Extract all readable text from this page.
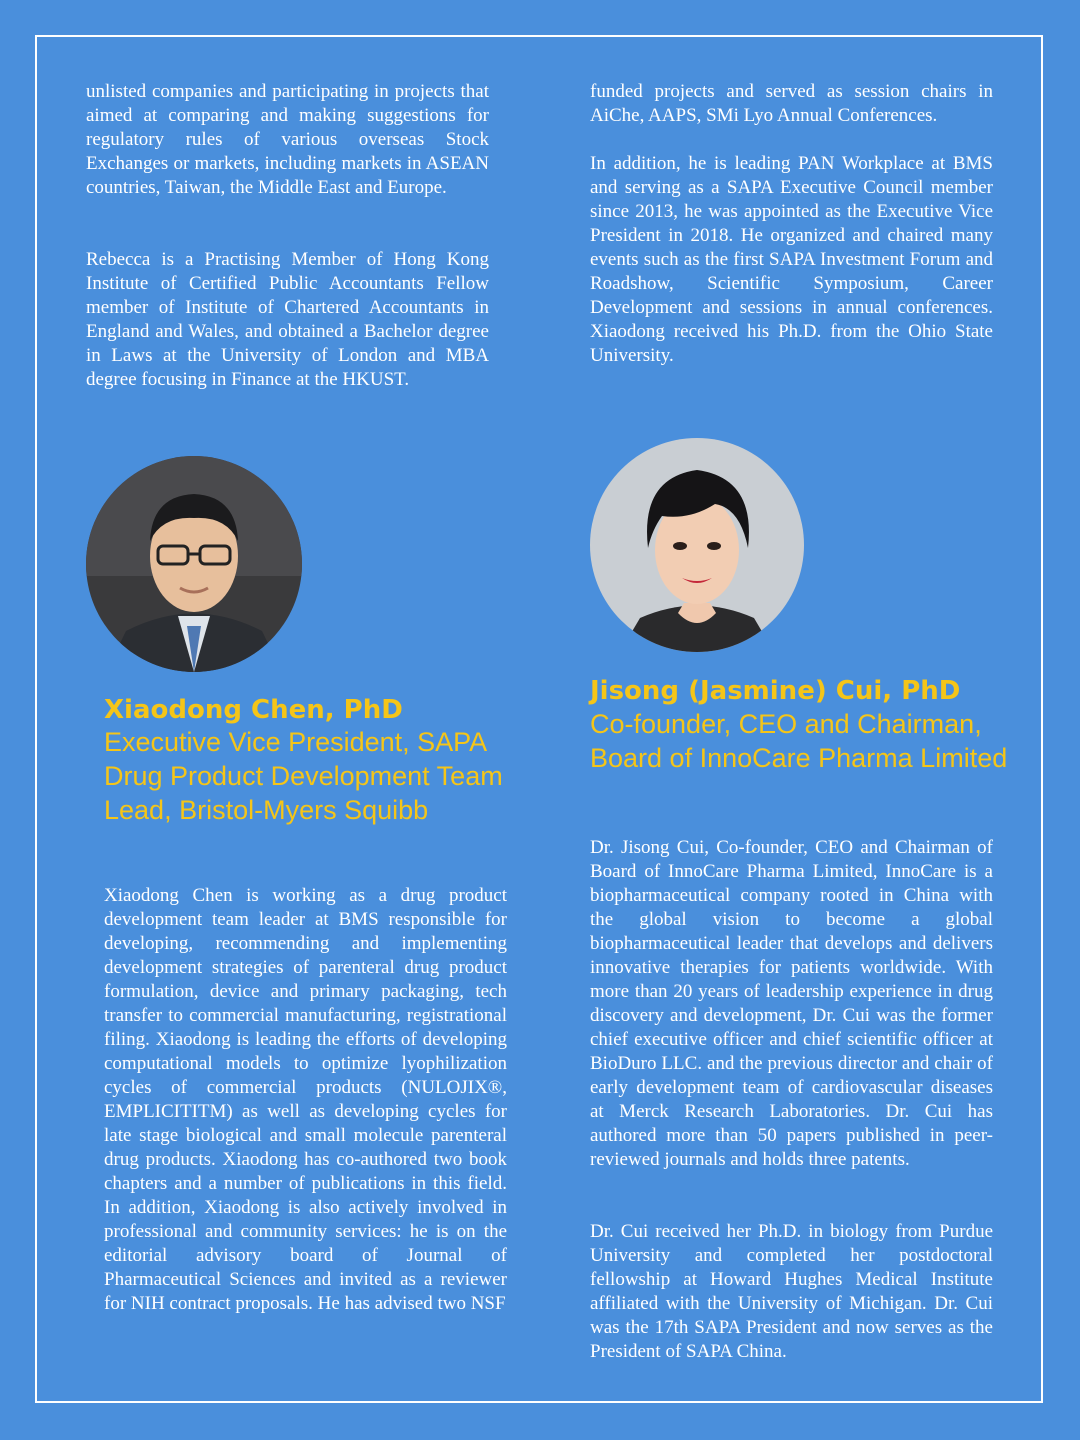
unlisted companies and participating in projects that aimed at comparing and making suggestions for regulatory rules of various overseas Stock Exchanges or markets, including markets in ASEAN countries, Taiwan, the Middle East and Europe.

Rebecca is a Practising Member of Hong Kong Institute of Certified Public Accountants Fellow member of Institute of Chartered Accountants in England and Wales, and obtained a Bachelor degree in Laws at the University of London and MBA degree focusing in Finance at the HKUST.

funded projects and served as session chairs in AiChe, AAPS, SMi Lyo Annual Conferences.

In addition, he is leading PAN Workplace at BMS and serving as a SAPA Executive Council member since 2013, he was appointed as the Executive Vice President in 2018. He organized and chaired many events such as the first SAPA Investment Forum and Roadshow, Scientific Symposium, Career Development and sessions in annual conferences. Xiaodong received his Ph.D. from the Ohio State University.

Xiaodong Chen, PhD

Executive Vice President, SAPA Drug Product Development Team Lead, Bristol-Myers Squibb

Jisong (Jasmine) Cui, PhD

Co-founder, CEO and Chairman, Board of InnoCare Pharma Limited

Xiaodong Chen is working as a drug product development team leader at BMS responsible for developing, recommending and implementing development strategies of parenteral drug product formulation, device and primary packaging, tech transfer to commercial manufacturing, registrational filing. Xiaodong is leading the efforts of developing computational models to optimize lyophilization cycles of commercial products (NULOJIX®, EMPLICITITM) as well as developing cycles for late stage biological and small molecule parenteral drug products. Xiaodong has co-authored two book chapters and a number of publications in this field. In addition, Xiaodong is also actively involved in professional and community services: he is on the editorial advisory board of Journal of Pharmaceutical Sciences and invited as a reviewer for NIH contract proposals. He has advised two NSF

Dr. Jisong Cui, Co-founder, CEO and Chairman of Board of InnoCare Pharma Limited, InnoCare is a biopharmaceutical company rooted in China with the global vision to become a global biopharmaceutical leader that develops and delivers innovative therapies for patients worldwide. With more than 20 years of leadership experience in drug discovery and development, Dr. Cui was the former chief executive officer and chief scientific officer at BioDuro LLC. and the previous director and chair of early development team of cardiovascular diseases at Merck Research Laboratories. Dr. Cui has authored more than 50 papers published in peer-reviewed journals and holds three patents.

Dr. Cui received her Ph.D. in biology from Purdue University and completed her postdoctoral fellowship at Howard Hughes Medical Institute affiliated with the University of Michigan. Dr. Cui was the 17th SAPA President and now serves as the President of SAPA China.
